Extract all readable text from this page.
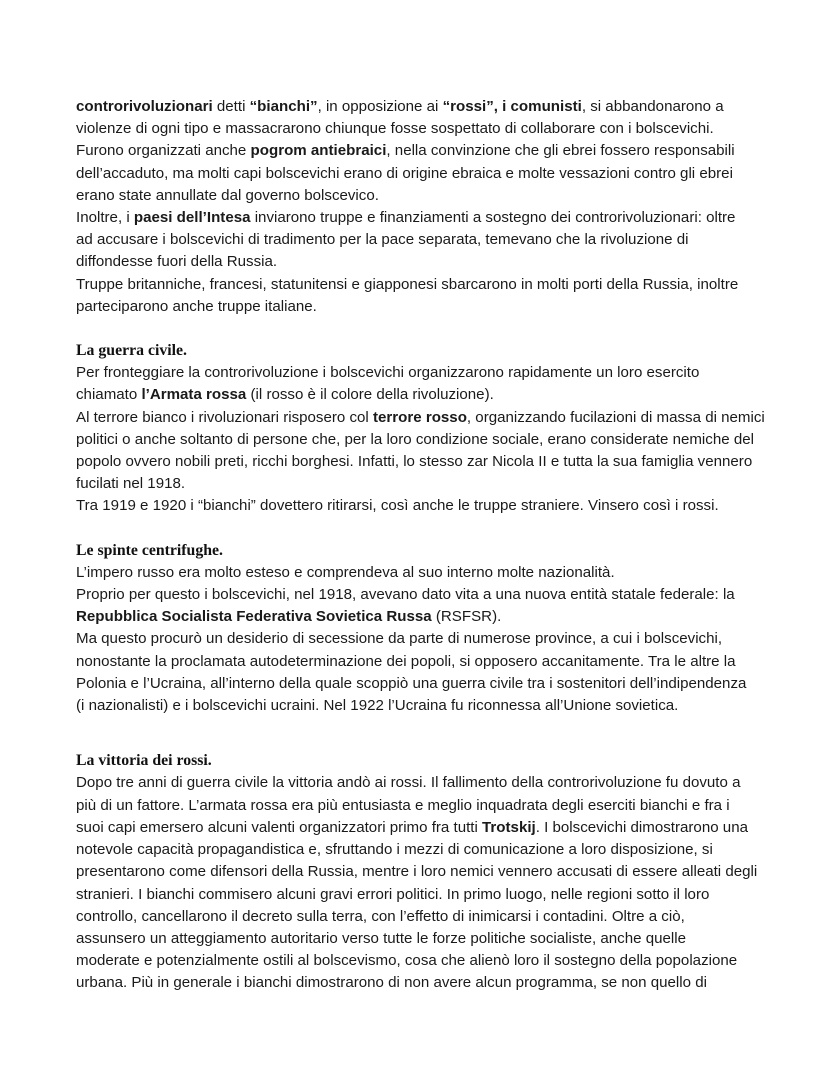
controrivoluzionari detti “bianchi”, in opposizione ai “rossi”, i comunisti, si abbandonarono a

violenze di ogni tipo e massacrarono chiunque fosse sospettato di collaborare con i bolscevichi.

Furono organizzati anche pogrom antiebraici, nella convinzione che gli ebrei fossero responsabili

dell’accaduto, ma molti capi bolscevichi erano di origine ebraica e molte vessazioni contro gli ebrei

erano state annullate dal governo bolscevico.

Inoltre, i paesi dell’Intesa inviarono truppe e finanziamenti a sostegno dei controrivoluzionari: oltre

ad accusare i bolscevichi di tradimento per la pace separata, temevano che la rivoluzione di

diffondesse fuori della Russia.

Truppe britanniche, francesi, statunitensi e giapponesi sbarcarono in molti porti della Russia, inoltre

parteciparono anche truppe italiane.

La guerra civile.

Per fronteggiare la controrivoluzione i bolscevichi organizzarono rapidamente un loro esercito

chiamato l’Armata rossa (il rosso è il colore della rivoluzione).

Al terrore bianco i rivoluzionari risposero col terrore rosso, organizzando fucilazioni di massa di nemici

politici o anche soltanto di persone che, per la loro condizione sociale, erano considerate nemiche del

popolo ovvero nobili preti, ricchi borghesi. Infatti, lo stesso zar Nicola II e tutta la sua famiglia vennero

fucilati nel 1918.

Tra 1919 e 1920 i “bianchi” dovettero ritirarsi, così anche le truppe straniere. Vinsero così i rossi.

Le spinte centrifughe.

L’impero russo era molto esteso e comprendeva al suo interno molte nazionalità.

Proprio per questo i bolscevichi, nel 1918, avevano dato vita a una nuova entità statale federale: la

Repubblica Socialista Federativa Sovietica Russa (RSFSR).

Ma questo procurò un desiderio di secessione da parte di numerose province, a cui i bolscevichi,

nonostante la proclamata autodeterminazione dei popoli, si opposero accanitamente. Tra le altre la

Polonia e l’Ucraina, all’interno della quale scoppiò una guerra civile tra i sostenitori dell’indipendenza

(i nazionalisti) e i bolscevichi ucraini. Nel 1922 l’Ucraina fu riconnessa all’Unione sovietica.

La vittoria dei rossi.

Dopo tre anni di guerra civile la vittoria andò ai rossi. Il fallimento della controrivoluzione fu dovuto a

più di un fattore. L’armata rossa era più entusiasta e meglio inquadrata degli eserciti bianchi e fra i

suoi capi emersero alcuni valenti organizzatori primo fra tutti Trotskij. I bolscevichi dimostrarono una

notevole capacità propagandistica e, sfruttando i mezzi di comunicazione a loro disposizione, si

presentarono come difensori della Russia, mentre i loro nemici vennero accusati di essere alleati degli

stranieri. I bianchi commisero alcuni gravi errori politici. In primo luogo, nelle regioni sotto il loro

controllo, cancellarono il decreto sulla terra, con l’effetto di inimicarsi i contadini. Oltre a ciò,

assunsero un atteggiamento autoritario verso tutte le forze politiche socialiste, anche quelle

moderate e potenzialmente ostili al bolscevismo, cosa che alienò loro il sostegno della popolazione

urbana. Più in generale i bianchi dimostrarono di non avere alcun programma, se non quello di
